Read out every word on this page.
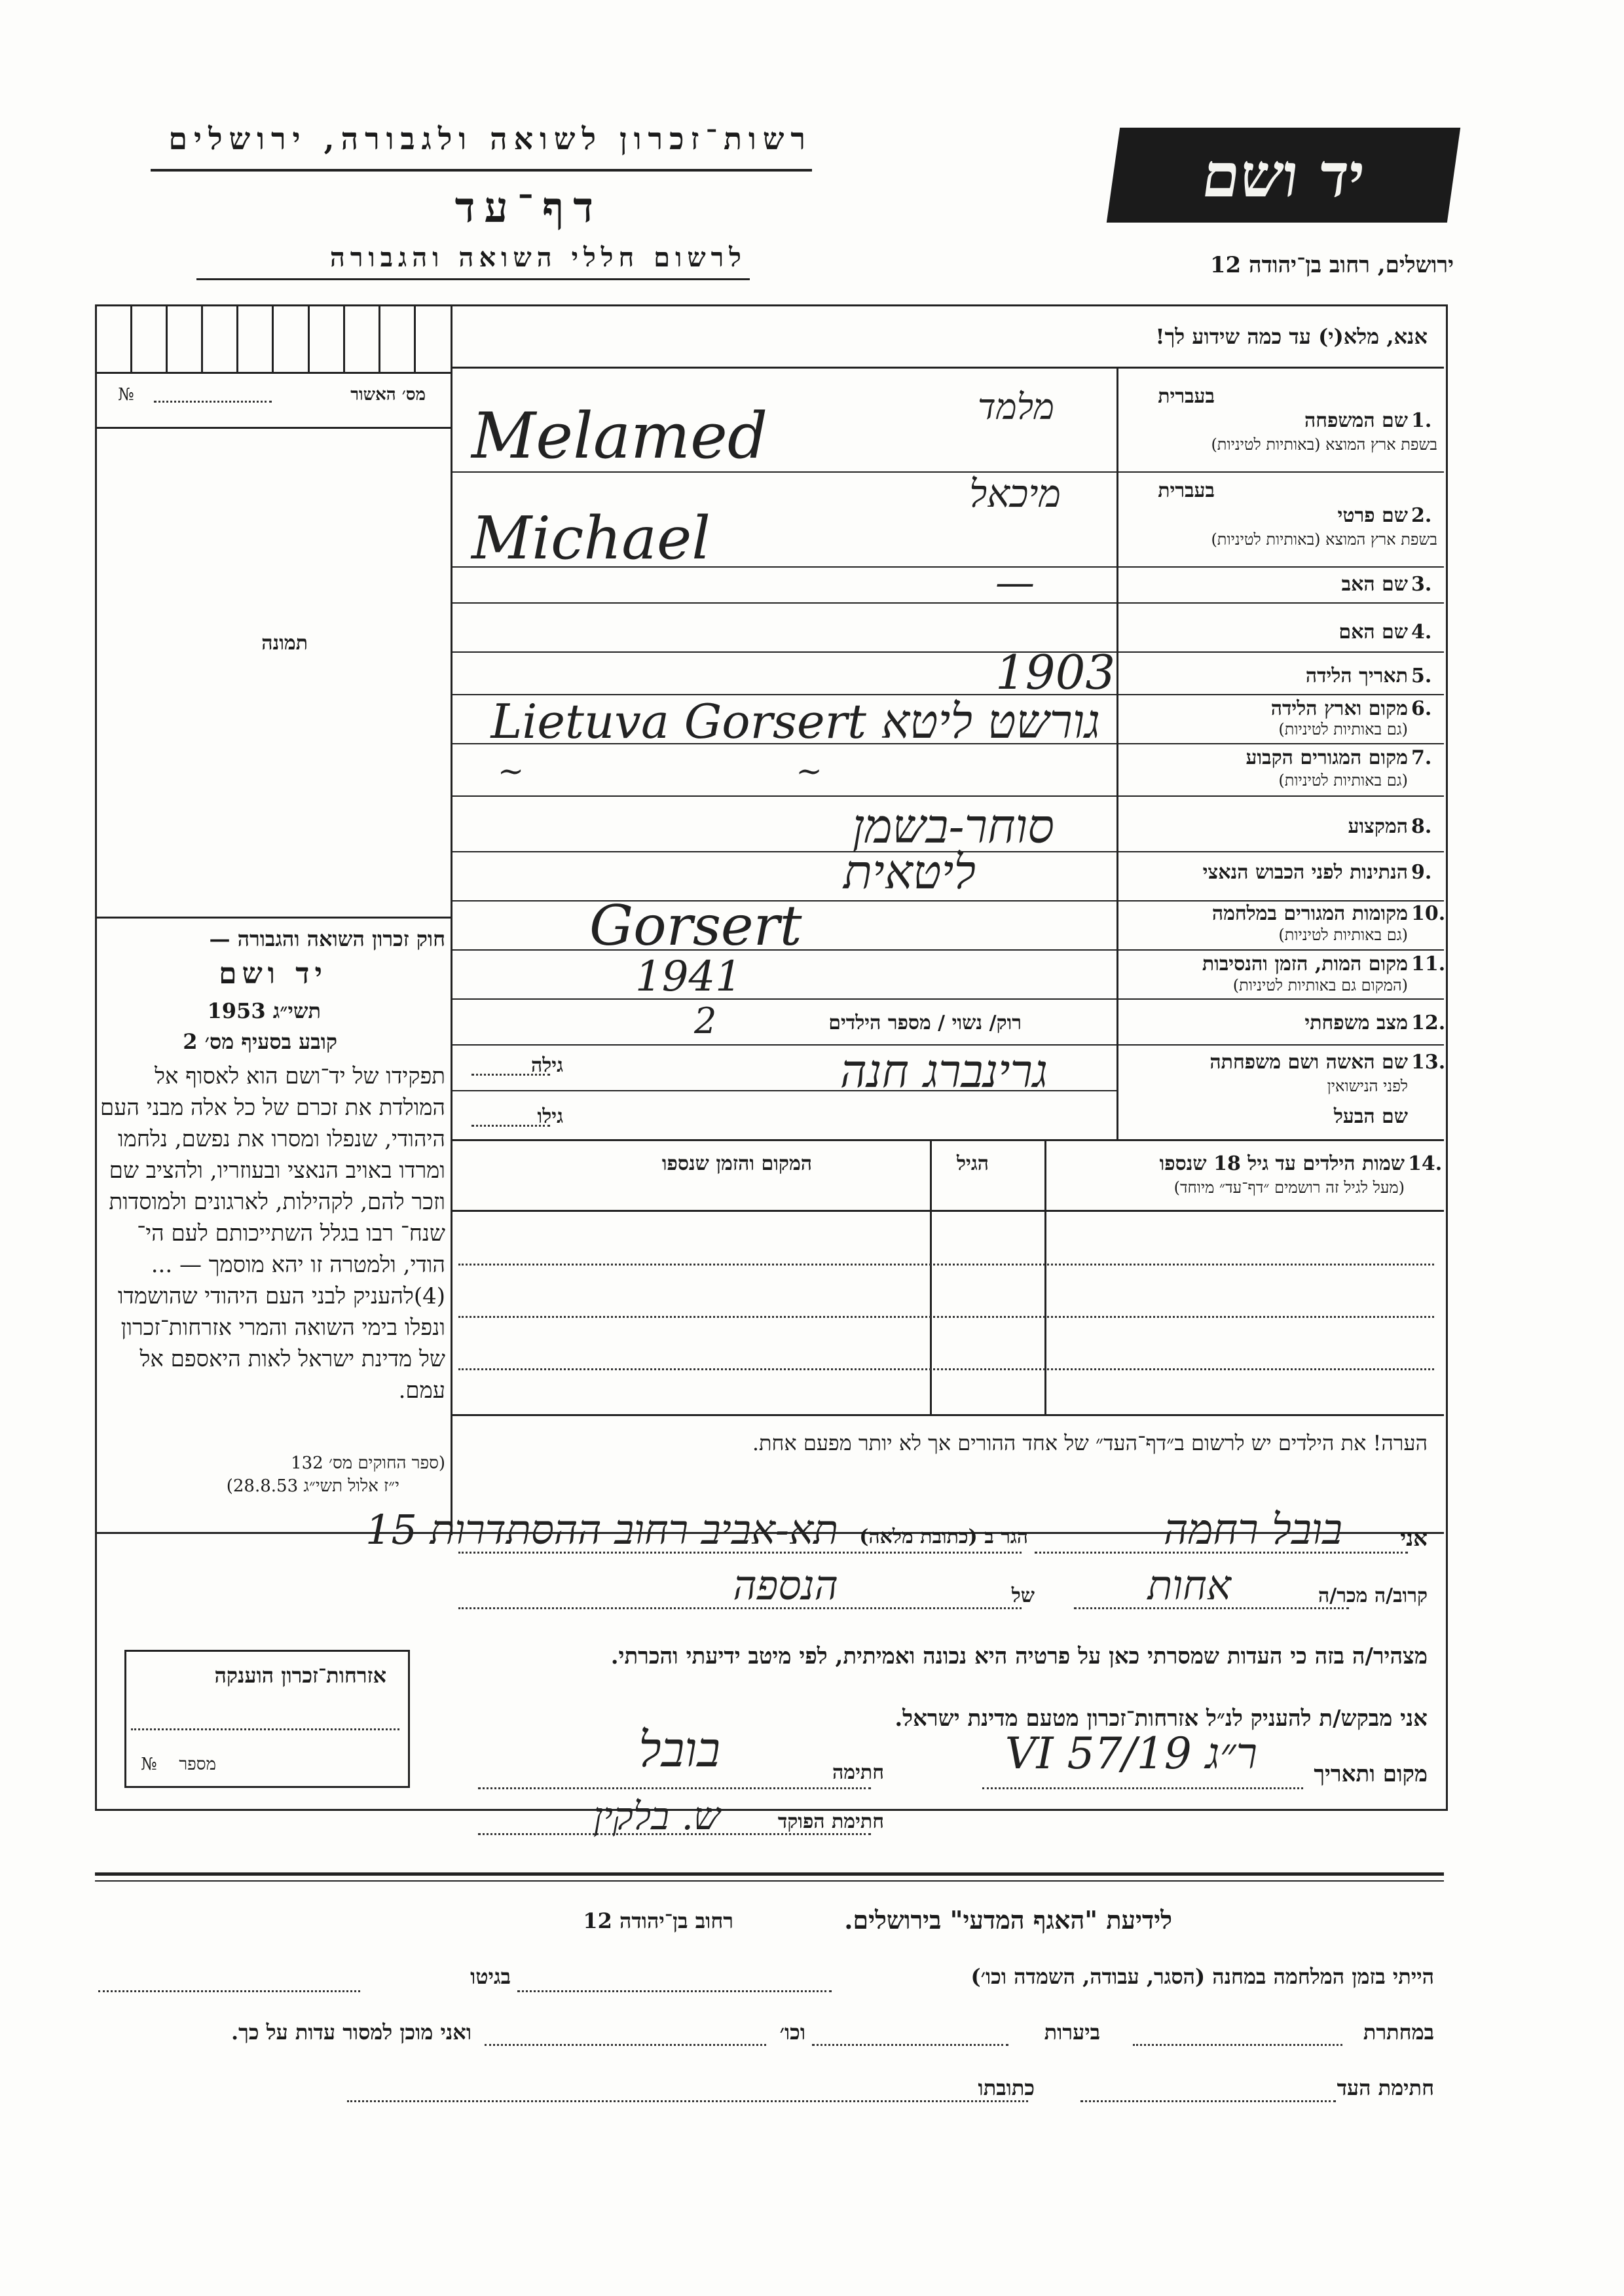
רשות־זכרון לשואה ולגבורה, ירושלים
דף־עד
לרשום חללי השואה והגבורה
יד ושם
ירושלים, רחוב בן־יהודה 12
מס׳ האשור
№
תמונה
חוק זכרון השואה והגבורה —
יד ושם
תשי״ג 1953
קובע בסעיף מס׳ 2
תפקידו של יד־ושם הוא לאסוף אל המולדת את זכרם של כל אלה מבני העם היהודי, שנפלו ומסרו את נפשם, נלחמו ומרדו באויב הנאצי ובעוזריו, ולהציב שם וזכר להם, לקהילות, לארגונים ולמוסדות שנח־ רבו בגלל השתייכותם לעם הי־ הודי, ולמטרה זו יהא מוסמך — ...(4)להעניק לבני העם היהודי שהושמדו ונפלו בימי השואה והמרי אזרחות־זכרון של מדינת ישראל לאות היאספם אל עמם.
(ספר החוקים מס׳ 132
י״ז אלול תשי״ג 28.8.53)
אזרחות־זכרון הוענקה
מספר
№
אנא, מלא(י) עד כמה שידוע לך!
בעברית
1.
שם המשפחה
בשפת ארץ המוצא (באותיות לטיניות)
מלמד
Melamed
בעברית
2.
שם פרטי
בשפת ארץ המוצא (באותיות לטיניות)
מיכאל
Michael
3.
שם האב
—
4.
שם האם
5.
תאריך הלידה
1903
6.
מקום וארץ הלידה
(גם באותיות לטיניות)
גורשט ליטא Lietuva Gorsert
7.
מקום המגורים הקבוע
(גם באותיות לטיניות)
~ ~
8.
המקצוע
סוחר-בשמן
9.
הנתינות לפני הכבוש הנאצי
ליטאית
10.
מקומות המגורים במלחמה
(גם באותיות לטיניות)
Gorsert
11.
מקום המות, הזמן והנסיבות
(המקום גם באותיות לטיניות)
1941
12.
מצב משפחתי
רוק/ נשוי / מספר הילדים
2
13.
שם האשה ושם משפחתה
לפני הנישואין
גילה	גרינברג חנה
שם הבעל
גילו
14.
שמות הילדים עד גיל 18 שנספו
(מעל לגיל זה רושמים ״דף־עד״ מיוחד)
הגיל
המקום והזמן שנספו
הערה! את הילדים יש לרשום ב״דף־העד״ של אחד ההורים אך לא יותר מפעם אחת.
אני
בובל רחמה
הגר ב (כתובת מלאה)
תא-אביב רחוב ההסתדרות 15
קרוב/ה מכר/ה
אחות
של
הנספה
מצהיר/ה בזה כי העדות שמסרתי כאן על פרטיה היא נכונה ואמיתית, לפי מיטב ידיעתי והכרתי.
אני מבקש/ת להעניק לנ״ל אזרחות־זכרון מטעם מדינת ישראל.
מקום ותאריך
ר״ג 19/VI 57
חתימה
בובל
חתימת הפוקד
ש. בלקין
לידיעת "האגף המדעי" בירושלים.
רחוב בן־יהודה 12
הייתי בזמן המלחמה במחנה (הסגר, עבודה, השמדה וכו׳)
בגיטו
במחתרת
ביערות
וכו׳
ואני מוכן למסור עדות על כך.
חתימת העד
כתובתו
